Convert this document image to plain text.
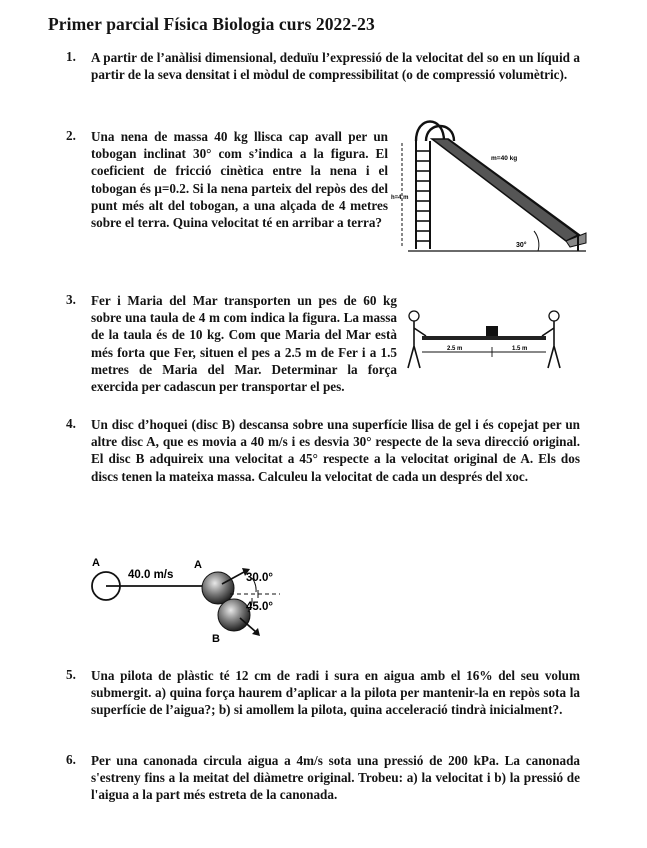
Primer parcial Física Biologia curs 2022-23
1. A partir de l’anàlisi dimensional, deduïu l’expressió de la velocitat del so en un líquid a partir de la seva densitat i el mòdul de compressibilitat (o de compressió volumètric).
2. Una nena de massa 40 kg llisca cap avall per un tobogan inclinat 30° com s’indica a la figura. El coeficient de fricció cinètica entre la nena i el tobogan és μ=0.2. Si la nena parteix del repòs des del punt més alt del tobogan, a una alçada de 4 metres sobre el terra. Quina velocitat té en arribar a terra?
h=4 m
30°
m=40 kg
3. Fer i Maria del Mar transporten un pes de 60 kg sobre una taula de 4 m com indica la figura. La massa de la taula és de 10 kg. Com que Maria del Mar està més forta que Fer, situen el pes a 2.5 m de Fer i a 1.5 metres de Maria del Mar. Determinar la força exercida per cadascun per transportar el pes.
2.5 m	1.5 m
4. Un disc d’hoquei (disc B) descansa sobre una superfície llisa de gel i és copejat per un altre disc A, que es movia a 40 m/s i es desvia 30° respecte de la seva direcció original. El disc B adquireix una velocitat a 45° respecte a la velocitat original de A. Els dos discs tenen la mateixa massa. Calculeu la velocitat de cada un després del xoc.
A
40.0 m/s
A
B
30.0°
45.0°
5. Una pilota de plàstic té 12 cm de radi i sura en aigua amb el 16% del seu volum submergit. a) quina força haurem d’aplicar a la pilota per mantenir-la en repòs sota la superfície de l’aigua?; b) si amollem la pilota, quina acceleració tindrà inicialment?.
6. Per una canonada circula aigua a 4m/s sota una pressió de 200 kPa. La canonada s'estreny fins a la meitat del diàmetre original. Trobeu: a) la velocitat i b) la pressió de l'aigua a la part més estreta de la canonada.
